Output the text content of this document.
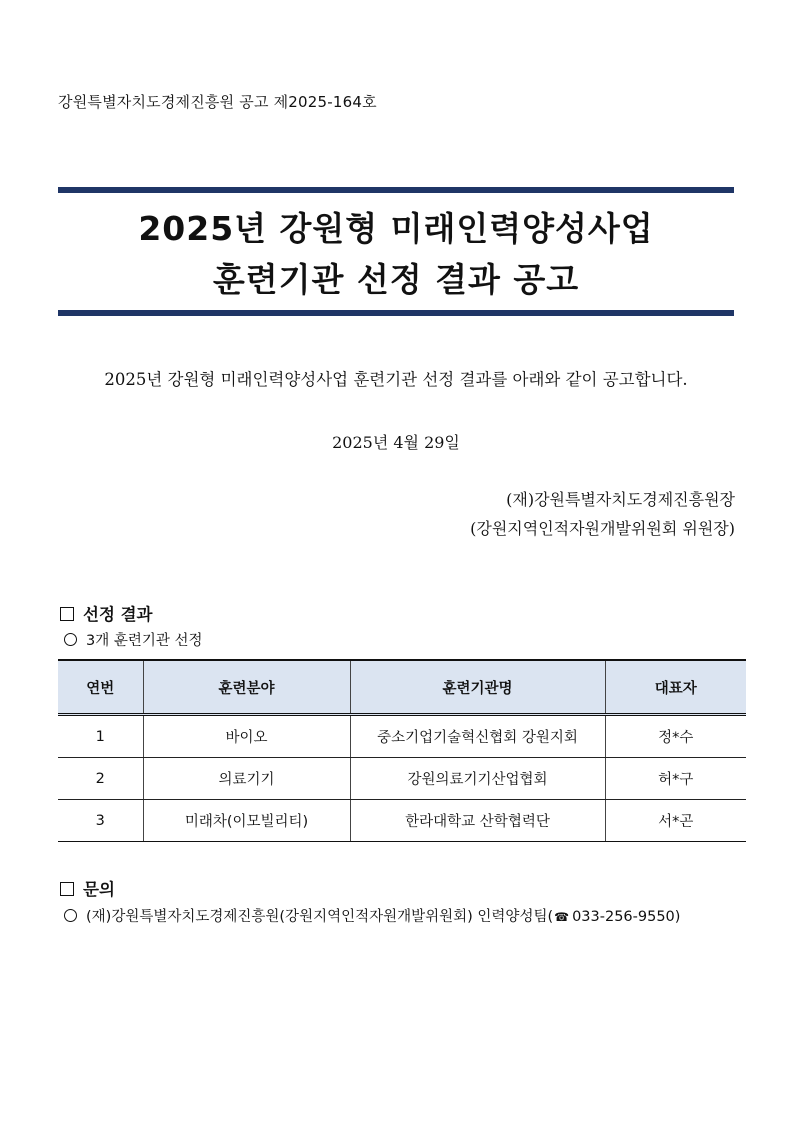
강원특별자치도경제진흥원 공고 제2025-164호
2025년 강원형 미래인력양성사업
훈련기관 선정 결과 공고
2025년 강원형 미래인력양성사업 훈련기관 선정 결과를 아래와 같이 공고합니다.
2025년 4월 29일
(재)강원특별자치도경제진흥원장
(강원지역인적자원개발위원회 위원장)
선정 결과
3개 훈련기관 선정
연번	훈련분야	훈련기관명	대표자
1	바이오	중소기업기술혁신협회 강원지회	정*수
2	의료기기	강원의료기기산업협회	허*구
3	미래차(이모빌리티)	한라대학교 산학협력단	서*곤
문의
(재)강원특별자치도경제진흥원(강원지역인적자원개발위원회) 인력양성팀(☎ 033-256-9550)
